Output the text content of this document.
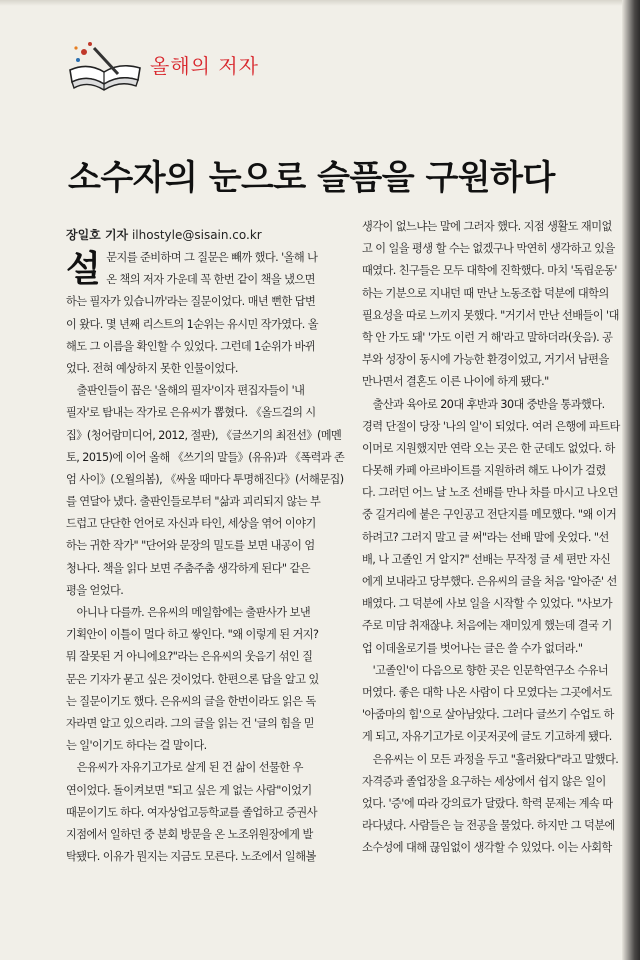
올해의 저자
소수자의 눈으로 슬픔을 구원하다
장일호 기자 ilhostyle@sisain.co.kr
설 문지를 준비하며 그 질문은 빼까 했다. '올해 나
온 책의 저자 가운데 꼭 한번 같이 책을 냈으면
하는 필자가 있습니까'라는 질문이었다. 매년 뻔한 답변
이 왔다. 몇 년째 리스트의 1순위는 유시민 작가였다. 올
해도 그 이름을 확인할 수 있었다. 그런데 1순위가 바뀌
었다. 전혀 예상하지 못한 인물이었다.
　출판인들이 꼽은 '올해의 필자'이자 편집자들이 '내
필자'로 탐내는 작가로 은유씨가 뽑혔다. 《올드걸의 시
집》(청어람미디어, 2012, 절판), 《글쓰기의 최전선》(메멘
토, 2015)에 이어 올해 《쓰기의 말들》(유유)과 《폭력과 존
엄 사이》(오월의봄), 《싸울 때마다 투명해진다》(서해문집)
를 연달아 냈다. 출판인들로부터 "삶과 괴리되지 않는 부
드럽고 단단한 언어로 자신과 타인, 세상을 엮어 이야기
하는 귀한 작가" "단어와 문장의 밀도를 보면 내공이 엄
청나다. 책을 읽다 보면 주춤주춤 생각하게 된다" 같은
평을 얻었다.
　아니나 다를까. 은유씨의 메일함에는 출판사가 보낸
기획안이 이틀이 멀다 하고 쌓인다. "왜 이렇게 된 거지?
뭐 잘못된 거 아니에요?"라는 은유씨의 웃음기 섞인 질
문은 기자가 묻고 싶은 것이었다. 한편으론 답을 알고 있
는 질문이기도 했다. 은유씨의 글을 한번이라도 읽은 독
자라면 알고 있으리라. 그의 글을 읽는 건 '글의 힘을 믿
는 일'이기도 하다는 걸 말이다.
　은유씨가 자유기고가로 살게 된 건 삶이 선물한 우
연이었다. 돌이켜보면 "되고 싶은 게 없는 사람"이었기
때문이기도 하다. 여자상업고등학교를 졸업하고 증권사
지점에서 일하던 중 분회 방문을 온 노조위원장에게 발
탁됐다. 이유가 뭔지는 지금도 모른다. 노조에서 일해볼
생각이 없느냐는 말에 그러자 했다. 지점 생활도 재미없
고 이 일을 평생 할 수는 없겠구나 막연히 생각하고 있을
때였다. 친구들은 모두 대학에 진학했다. 마치 '독립운동'
하는 기분으로 지내던 때 만난 노동조합 덕분에 대학의
필요성을 따로 느끼지 못했다. "거기서 만난 선배들이 '대
학 안 가도 돼' '가도 이런 거 해'라고 말하더라(웃음). 공
부와 성장이 동시에 가능한 환경이었고, 거기서 남편을
만나면서 결혼도 이른 나이에 하게 됐다."
　출산과 육아로 20대 후반과 30대 중반을 통과했다.
경력 단절이 당장 '나의 일'이 되었다. 여러 은행에 파트타
이머로 지원했지만 연락 오는 곳은 한 군데도 없었다. 하
다못해 카페 아르바이트를 지원하려 해도 나이가 걸렸
다. 그러던 어느 날 노조 선배를 만나 차를 마시고 나오던
중 길거리에 붙은 구인공고 전단지를 메모했다. "왜 이거
하려고? 그러지 말고 글 써"라는 선배 말에 웃었다. "선
배, 나 고졸인 거 알지?" 선배는 무작정 글 세 편만 자신
에게 보내라고 당부했다. 은유씨의 글을 처음 '알아준' 선
배였다. 그 덕분에 사보 일을 시작할 수 있었다. "사보가
주로 미담 취재잖냐. 처음에는 재미있게 했는데 결국 기
업 이데올로기를 벗어나는 글은 쓸 수가 없더라."
　'고졸인'이 다음으로 향한 곳은 인문학연구소 수유너
머였다. 좋은 대학 나온 사람이 다 모였다는 그곳에서도
'아줌마의 힘'으로 살아남았다. 그러다 글쓰기 수업도 하
게 되고, 자유기고가로 이곳저곳에 글도 기고하게 됐다.
　은유씨는 이 모든 과정을 두고 "흘러왔다"라고 말했다.
자격증과 졸업장을 요구하는 세상에서 쉽지 않은 일이
었다. '증'에 따라 강의료가 달랐다. 학력 문제는 계속 따
라다녔다. 사람들은 늘 전공을 물었다. 하지만 그 덕분에
소수성에 대해 끊임없이 생각할 수 있었다. 이는 사회학
